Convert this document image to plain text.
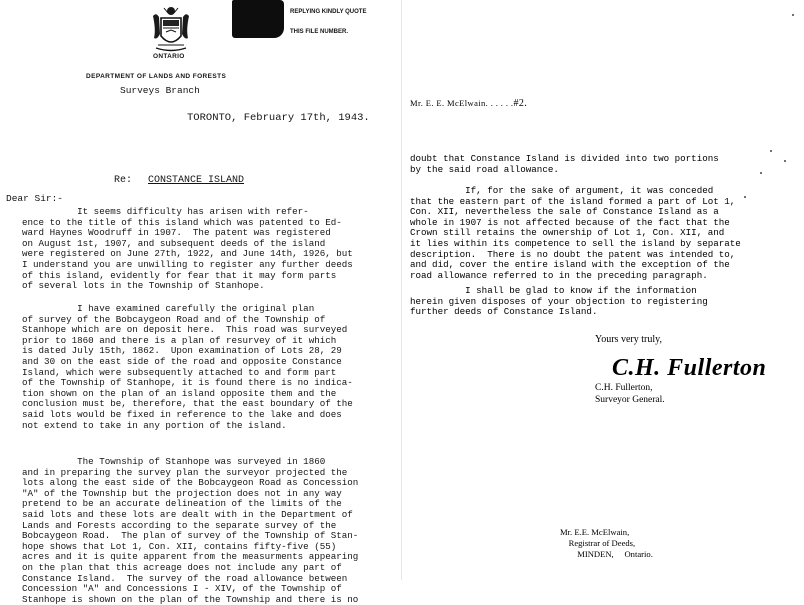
ONTARIO
DEPARTMENT OF LANDS AND FORESTS
Surveys Branch
REPLYING KINDLY QUOTE
THIS FILE NUMBER.
TORONTO, February 17th, 1943.
Re: CONSTANCE ISLAND
Dear Sir:-
It seems difficulty has arisen with refer-
ence to the title of this island which was patented to Ed-
ward Haynes Woodruff in 1907.  The patent was registered
on August 1st, 1907, and subsequent deeds of the island
were registered on June 27th, 1922, and June 14th, 1926, but
I understand you are unwilling to register any further deeds
of this island, evidently for fear that it may form parts
of several lots in the Township of Stanhope.
I have examined carefully the original plan
of survey of the Bobcaygeon Road and of the Township of
Stanhope which are on deposit here.  This road was surveyed
prior to 1860 and there is a plan of resurvey of it which
is dated July 15th, 1862.  Upon examination of Lots 28, 29
and 30 on the east side of the road and opposite Constance
Island, which were subsequently attached to and form part
of the Township of Stanhope, it is found there is no indica-
tion shown on the plan of an island opposite them and the
conclusion must be, therefore, that the east boundary of the
said lots would be fixed in reference to the lake and does
not extend to take in any portion of the island.
The Township of Stanhope was surveyed in 1860
and in preparing the survey plan the surveyor projected the
lots along the east side of the Bobcaygeon Road as Concession
"A" of the Township but the projection does not in any way
pretend to be an accurate delineation of the limits of the
said lots and these lots are dealt with in the Department of
Lands and Forests according to the separate survey of the
Bobcaygeon Road.  The plan of survey of the Township of Stan-
hope shows that Lot 1, Con. XII, contains fifty-five (55)
acres and it is quite apparent from the measurments appearing
on the plan that this acreage does not include any part of
Constance Island.  The survey of the road allowance between
Concession "A" and Concessions I - XIV, of the Township of
Stanhope is shown on the plan of the Township and there is no
Mr. E. E. McElwain. . . . . .#2.
doubt that Constance Island is divided into two portions
by the said road allowance.
If, for the sake of argument, it was conceded
that the eastern part of the island formed a part of Lot 1,
Con. XII, nevertheless the sale of Constance Island as a
whole in 1907 is not affected because of the fact that the
Crown still retains the ownership of Lot 1, Con. XII, and
it lies within its competence to sell the island by separate
description.  There is no doubt the patent was intended to,
and did, cover the entire island with the exception of the
road allowance referred to in the preceding paragraph.
I shall be glad to know if the information
herein given disposes of your objection to registering
further deeds of Constance Island.
Yours very truly,
C.H. Fullerton
C.H. Fullerton,
Surveyor General.
Mr. E.E. McElwain,
Registrar of Deeds,
MINDEN,     Ontario.
